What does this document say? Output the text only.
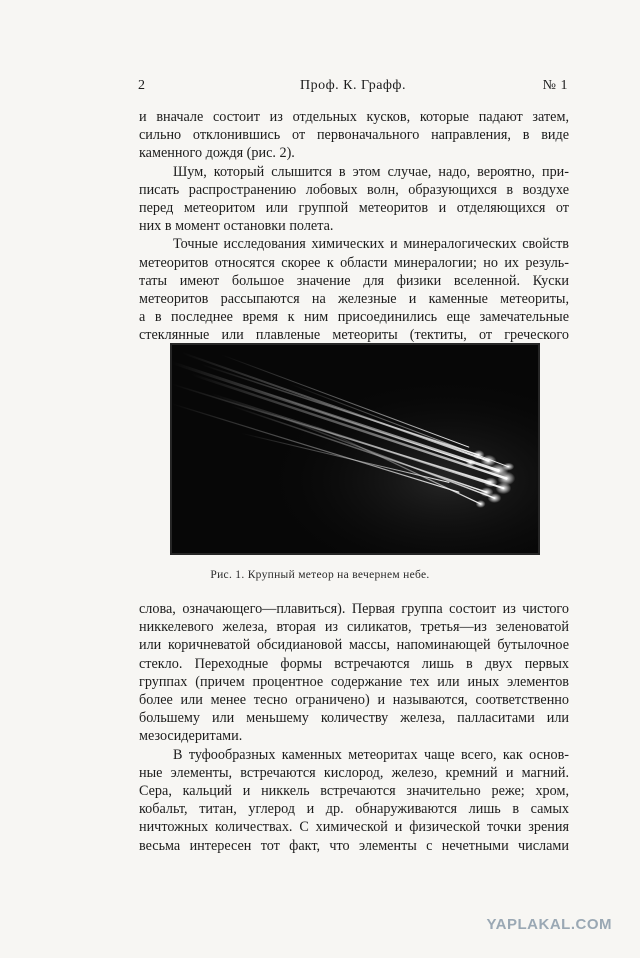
2	Проф. К. Графф.	№ 1
и вначале состоит из отдельных кусков, которые падают затем,
сильно отклонившись от первоначального направления, в виде
каменного дождя (рис. 2).
Шум, который слышится в этом случае, надо, вероятно, при-
писать распространению лобовых волн, образующихся в воздухе
перед метеоритом или группой метеоритов и отделяющихся от
них в момент остановки полета.
Точные исследования химических и минералогических свойств
метеоритов относятся скорее к области минералогии; но их резуль-
таты имеют большое значение для физики вселенной. Куски
метеоритов рассыпаются на железные и каменные метеориты,
а в последнее время к ним присоединились еще замечательные
стеклянные или плавленые метеориты (тектиты, от греческого
Рис. 1. Крупный метеор на вечернем небе.
слова, означающего—плавиться). Первая группа состоит из чистого
никкелевого железа, вторая из силикатов, третья—из зеленоватой
или коричневатой обсидиановой массы, напоминающей бутылочное
стекло. Переходные формы встречаются лишь в двух первых
группах (причем процентное содержание тех или иных элементов
более или менее тесно ограничено) и называются, соответственно
большему или меньшему количеству железа, палласитами или
мезосидеритами.
В туфообразных каменных метеоритах чаще всего, как основ-
ные элементы, встречаются кислород, железо, кремний и магний.
Сера, кальций и никкель встречаются значительно реже; хром,
кобальт, титан, углерод и др. обнаруживаются лишь в самых
ничтожных количествах. С химической и физической точки зрения
весьма интересен тот факт, что элементы с нечетными числами
YAPLAKAL.COM
